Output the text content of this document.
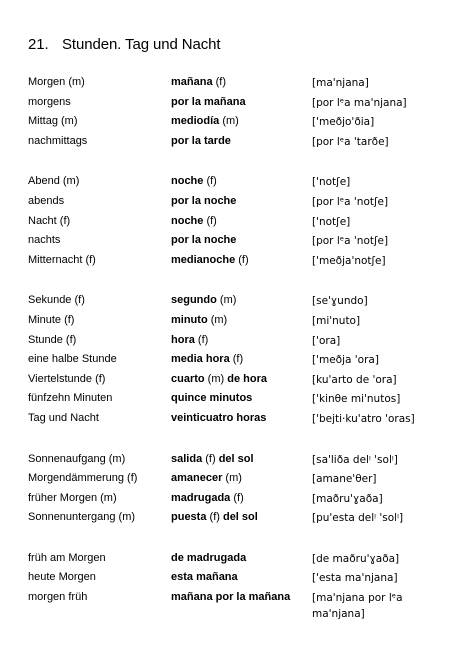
21. Stunden. Tag und Nacht
Morgen (m)	mañana (f)	[ma'njana]
morgens	por la mañana	[por lᵉa ma'njana]
Mittag (m)	mediodía (m)	['meðjo'ðia]
nachmittags	por la tarde	[por lᵉa 'tarðe]
Abend (m)	noche (f)	['notʃe]
abends	por la noche	[por lᵉa 'notʃe]
Nacht (f)	noche (f)	['notʃe]
nachts	por la noche	[por lᵉa 'notʃe]
Mitternacht (f)	medianoche (f)	['meðja'notʃe]
Sekunde (f)	segundo (m)	[se'ɣundo]
Minute (f)	minuto (m)	[mi'nuto]
Stunde (f)	hora (f)	['ora]
eine halbe Stunde	media hora (f)	['meðja 'ora]
Viertelstunde (f)	cuarto (m) de hora	[ku'arto de 'ora]
fünfzehn Minuten	quince minutos	['kinθe mi'nutos]
Tag und Nacht	veinticuatro horas	['bejti·ku'atro 'oras]
Sonnenaufgang (m)	salida (f) del sol	[sa'liða delᵎ 'solᵎ]
Morgendämmerung (f)	amanecer (m)	[amane'θer]
früher Morgen (m)	madrugada (f)	[maðru'ɣaða]
Sonnenuntergang (m)	puesta (f) del sol	[pu'esta delᵎ 'solᵎ]
früh am Morgen	de madrugada	[de maðru'ɣaða]
heute Morgen	esta mañana	['esta ma'njana]
morgen früh	mañana por la mañana [ma'njana por lᵉa ma'njana]
